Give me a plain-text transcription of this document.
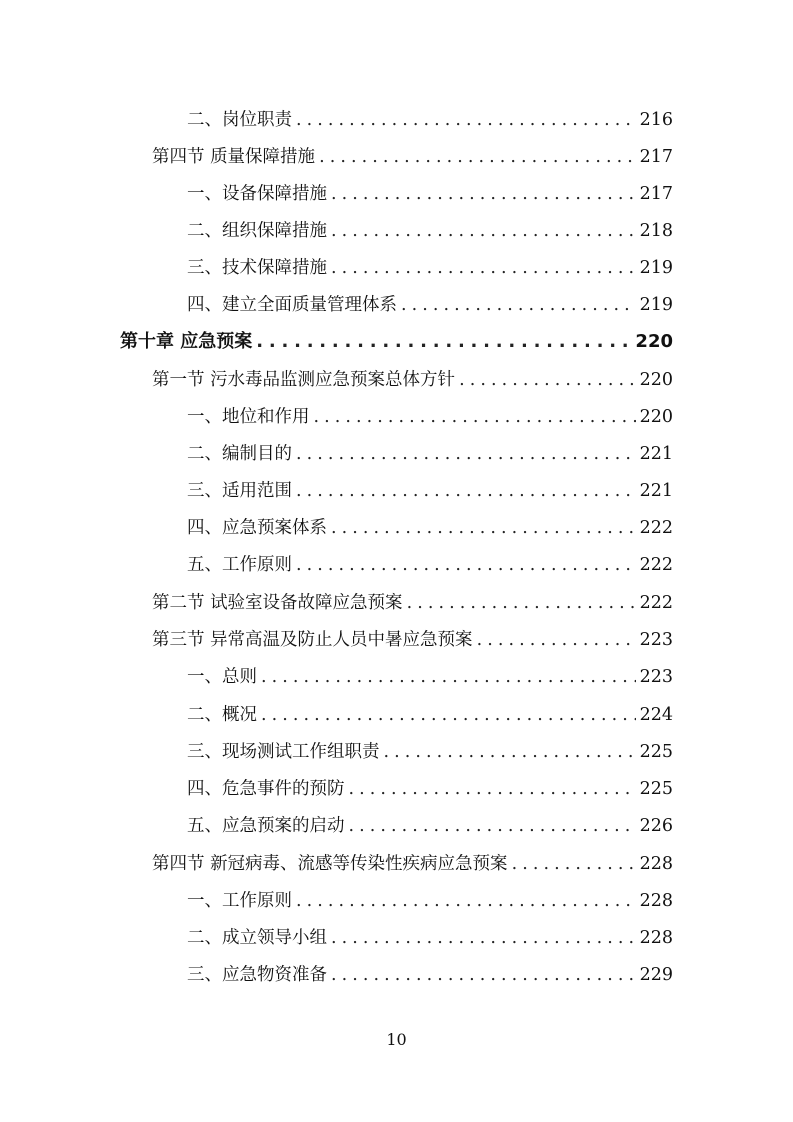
二、岗位职责 . . .	216
第四节 质量保障措施 . . .	217
一、设备保障措施 . . .	217
二、组织保障措施 . . .	218
三、技术保障措施 . . .	219
四、建立全面质量管理体系 . . .	219
第十章 应急预案 . . .	220
第一节 污水毒品监测应急预案总体方针 . . .	220
一、地位和作用 . . .	220
二、编制目的 . . .	221
三、适用范围 . . .	221
四、应急预案体系 . . .	222
五、工作原则 . . .	222
第二节 试验室设备故障应急预案 . . .	222
第三节 异常高温及防止人员中暑应急预案 . . .	223
一、总则 . . .	223
二、概况 . . .	224
三、现场测试工作组职责 . . .	225
四、危急事件的预防 . . .	225
五、应急预案的启动 . . .	226
第四节 新冠病毒、流感等传染性疾病应急预案 . . .	228
一、工作原则 . . .	228
二、成立领导小组 . . .	228
三、应急物资准备 . . .	229
10
